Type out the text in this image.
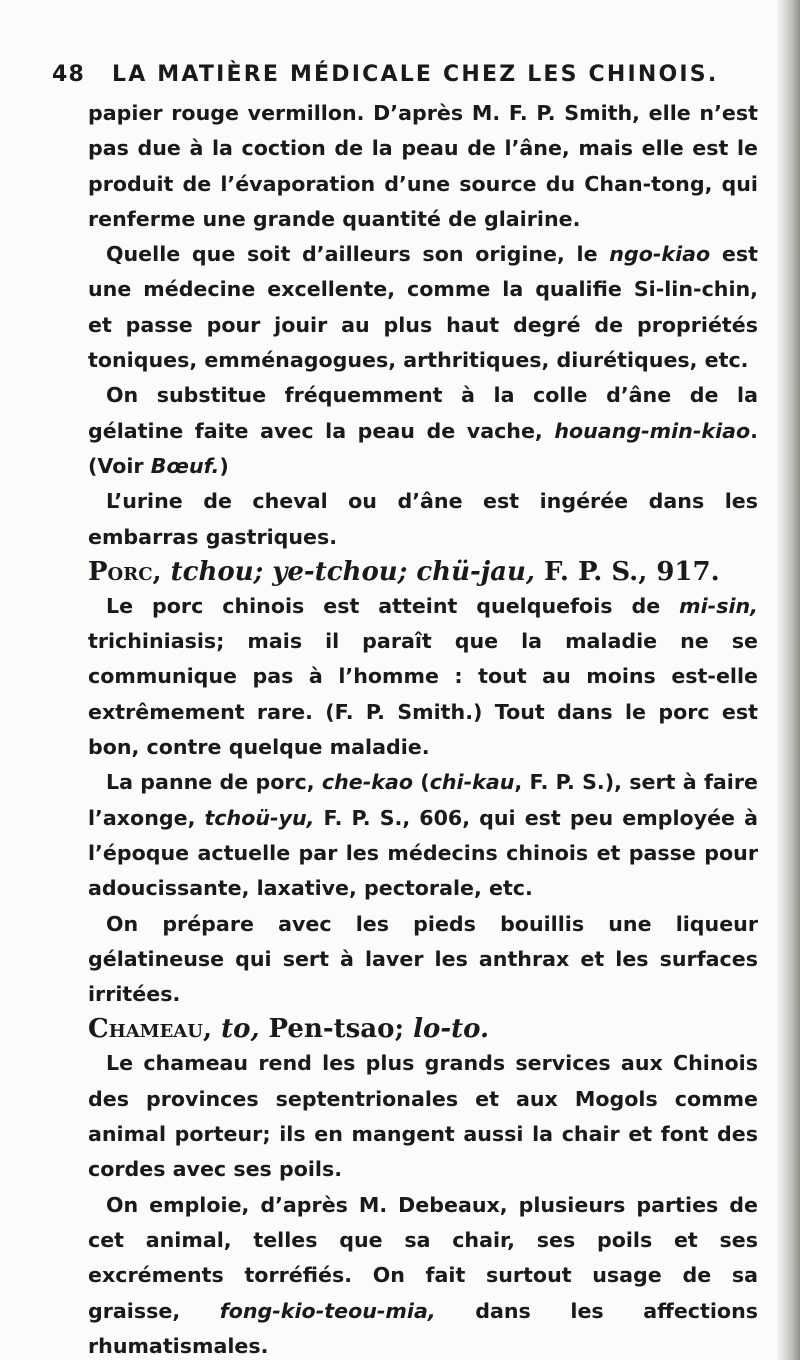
48 LA MATIÈRE MÉDICALE CHEZ LES CHINOIS.

papier rouge vermillon. D’après M. F. P. Smith, elle n’est pas due à la coction de la peau de l’âne, mais elle est le produit de l’évaporation d’une source du Chan-tong, qui renferme une grande quantité de glairine.

Quelle que soit d’ailleurs son origine, le ngo-kiao est une médecine excellente, comme la qualifie Si-lin-chin, et passe pour jouir au plus haut degré de propriétés toniques, emménagogues, arthritiques, diurétiques, etc.

On substitue fréquemment à la colle d’âne de la gélatine faite avec la peau de vache, houang-min-kiao. (Voir Bœuf.)

L’urine de cheval ou d’âne est ingérée dans les embarras gastriques.

Porc, tchou; ye-tchou; chü-jau, F. P. S., 917.

Le porc chinois est atteint quelquefois de mi-sin, trichiniasis; mais il paraît que la maladie ne se communique pas à l’homme : tout au moins est-elle extrêmement rare. (F. P. Smith.) Tout dans le porc est bon, contre quelque maladie.

La panne de porc, che-kao (chi-kau, F. P. S.), sert à faire l’axonge, tchoü-yu, F. P. S., 606, qui est peu employée à l’époque actuelle par les médecins chinois et passe pour adoucissante, laxative, pectorale, etc.

On prépare avec les pieds bouillis une liqueur gélatineuse qui sert à laver les anthrax et les surfaces irritées.

Chameau, to, Pen-tsao; lo-to.

Le chameau rend les plus grands services aux Chinois des provinces septentrionales et aux Mogols comme animal porteur; ils en mangent aussi la chair et font des cordes avec ses poils.

On emploie, d’après M. Debeaux, plusieurs parties de cet animal, telles que sa chair, ses poils et ses excréments torréfiés. On fait surtout usage de sa graisse, fong-kio-teou-mia, dans les affections rhumatismales.
